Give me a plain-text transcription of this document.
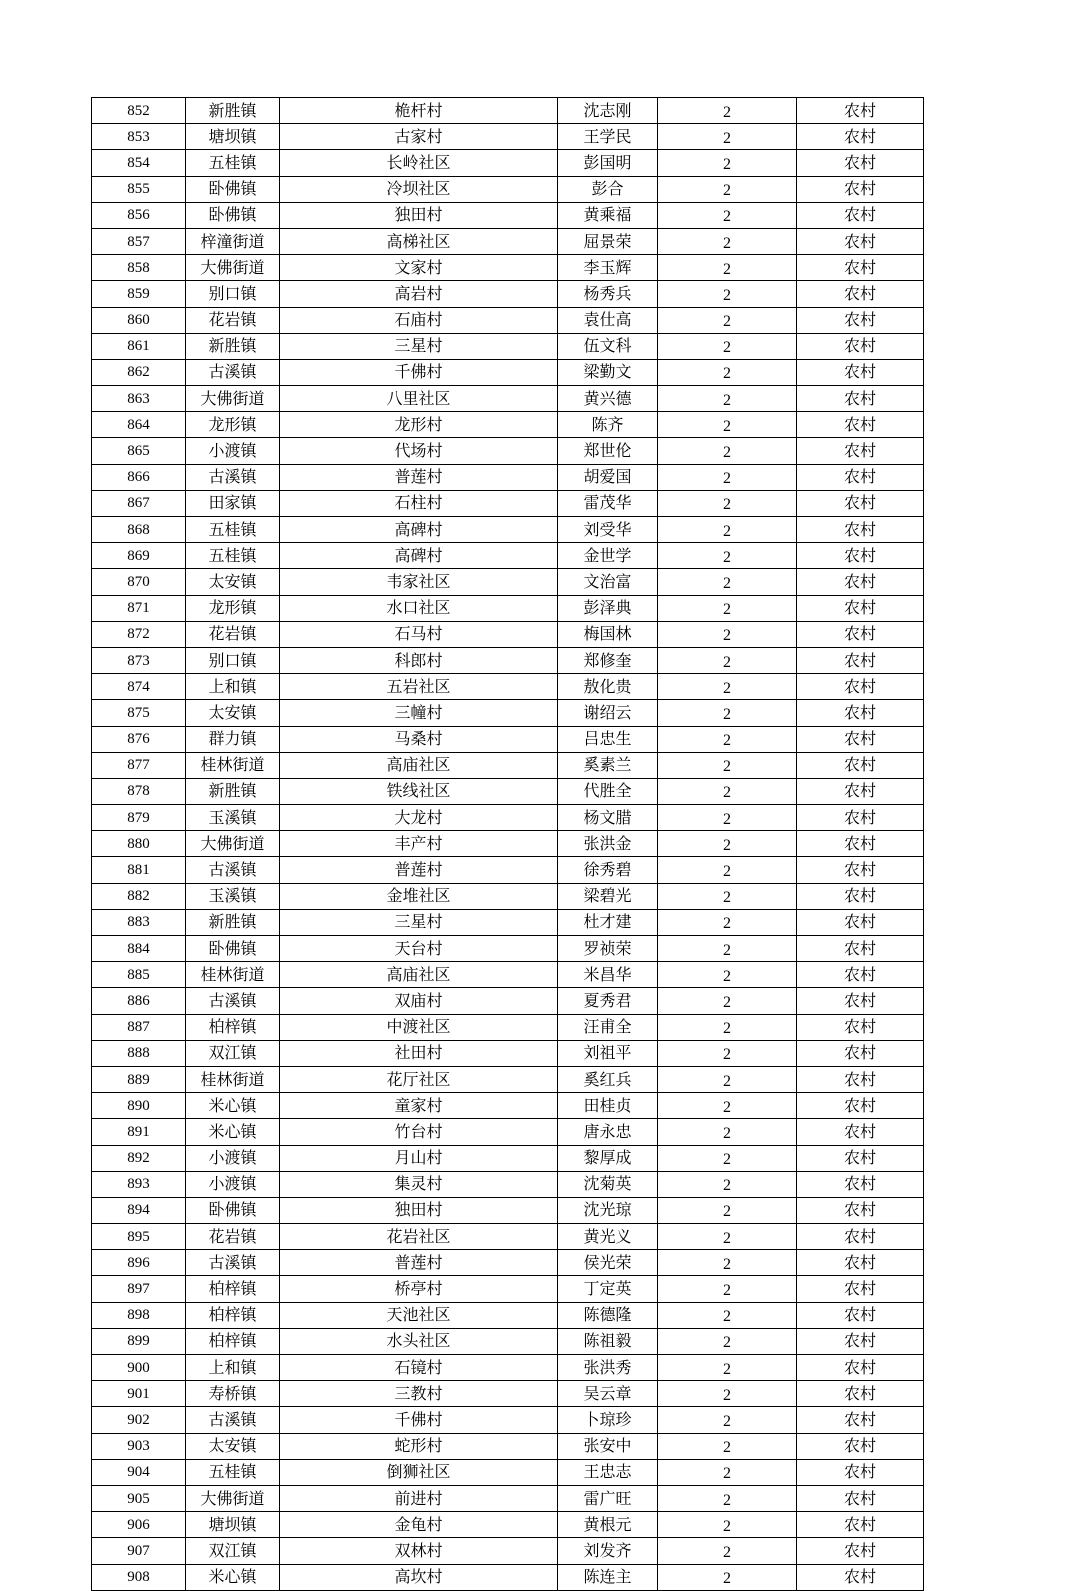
852	新胜镇	桅杆村	沈志刚	2	农村
853	塘坝镇	古家村	王学民	2	农村
854	五桂镇	长岭社区	彭国明	2	农村
855	卧佛镇	冷坝社区	彭合	2	农村
856	卧佛镇	独田村	黄乘福	2	农村
857	梓潼街道	高梯社区	屈景荣	2	农村
858	大佛街道	文家村	李玉辉	2	农村
859	别口镇	高岩村	杨秀兵	2	农村
860	花岩镇	石庙村	袁仕高	2	农村
861	新胜镇	三星村	伍文科	2	农村
862	古溪镇	千佛村	梁勤文	2	农村
863	大佛街道	八里社区	黄兴德	2	农村
864	龙形镇	龙形村	陈齐	2	农村
865	小渡镇	代场村	郑世伦	2	农村
866	古溪镇	普莲村	胡爱国	2	农村
867	田家镇	石柱村	雷茂华	2	农村
868	五桂镇	高碑村	刘受华	2	农村
869	五桂镇	高碑村	金世学	2	农村
870	太安镇	韦家社区	文治富	2	农村
871	龙形镇	水口社区	彭泽典	2	农村
872	花岩镇	石马村	梅国林	2	农村
873	别口镇	科郎村	郑修奎	2	农村
874	上和镇	五岩社区	敖化贵	2	农村
875	太安镇	三幢村	谢绍云	2	农村
876	群力镇	马桑村	吕忠生	2	农村
877	桂林街道	高庙社区	奚素兰	2	农村
878	新胜镇	铁线社区	代胜全	2	农村
879	玉溪镇	大龙村	杨文腊	2	农村
880	大佛街道	丰产村	张洪金	2	农村
881	古溪镇	普莲村	徐秀碧	2	农村
882	玉溪镇	金堆社区	梁碧光	2	农村
883	新胜镇	三星村	杜才建	2	农村
884	卧佛镇	天台村	罗祯荣	2	农村
885	桂林街道	高庙社区	米昌华	2	农村
886	古溪镇	双庙村	夏秀君	2	农村
887	柏梓镇	中渡社区	汪甫全	2	农村
888	双江镇	社田村	刘祖平	2	农村
889	桂林街道	花厅社区	奚红兵	2	农村
890	米心镇	童家村	田桂贞	2	农村
891	米心镇	竹台村	唐永忠	2	农村
892	小渡镇	月山村	黎厚成	2	农村
893	小渡镇	集灵村	沈菊英	2	农村
894	卧佛镇	独田村	沈光琼	2	农村
895	花岩镇	花岩社区	黄光义	2	农村
896	古溪镇	普莲村	侯光荣	2	农村
897	柏梓镇	桥亭村	丁定英	2	农村
898	柏梓镇	天池社区	陈德隆	2	农村
899	柏梓镇	水头社区	陈祖毅	2	农村
900	上和镇	石镜村	张洪秀	2	农村
901	寿桥镇	三教村	吴云章	2	农村
902	古溪镇	千佛村	卜琼珍	2	农村
903	太安镇	蛇形村	张安中	2	农村
904	五桂镇	倒狮社区	王忠志	2	农村
905	大佛街道	前进村	雷广旺	2	农村
906	塘坝镇	金龟村	黄根元	2	农村
907	双江镇	双林村	刘发齐	2	农村
908	米心镇	高坎村	陈连主	2	农村
